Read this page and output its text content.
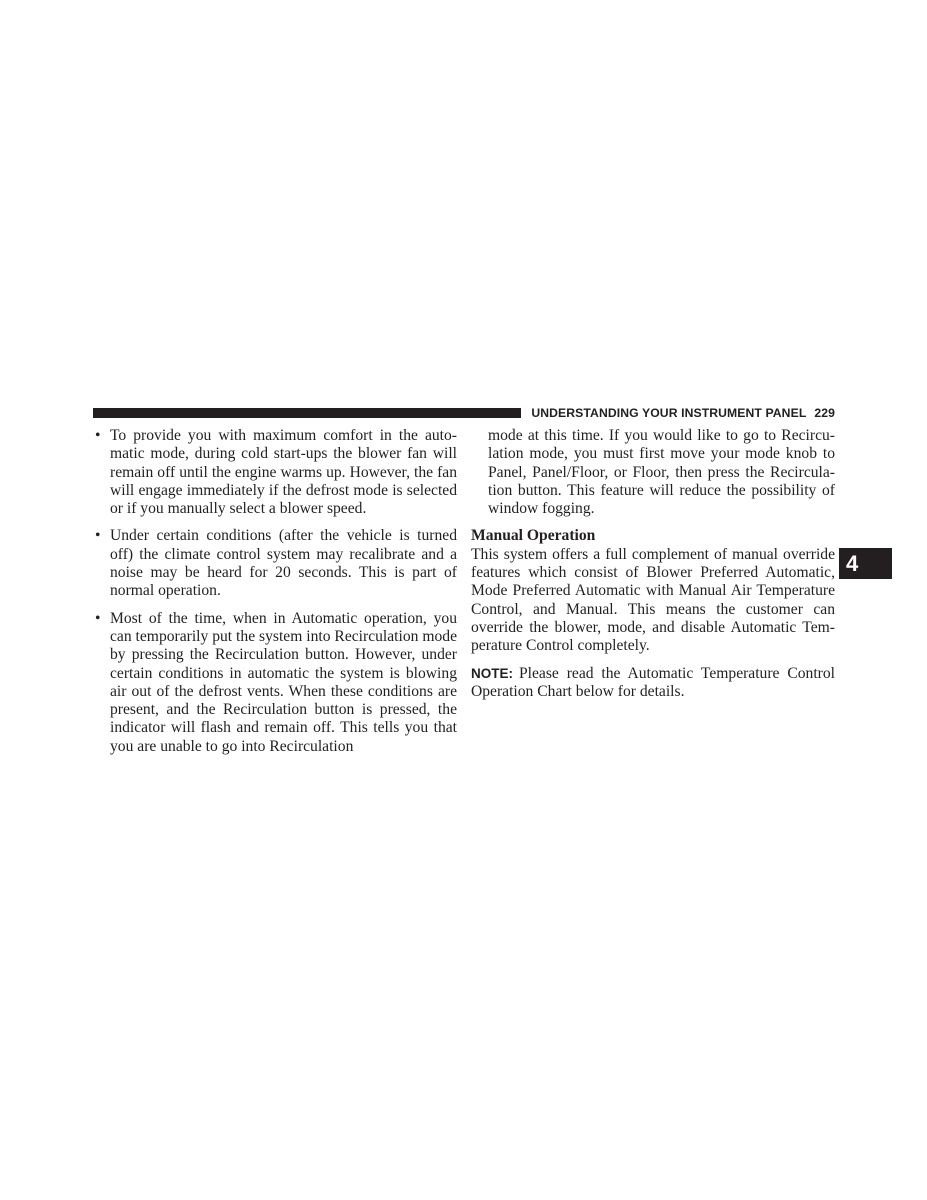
UNDERSTANDING YOUR INSTRUMENT PANEL 229
4
• To provide you with maximum comfort in the auto- matic mode, during cold start-ups the blower fan will remain off until the engine warms up. However, the fan will engage immediately if the defrost mode is selected or if you manually select a blower speed.
• Under certain conditions (after the vehicle is turned off) the climate control system may recalibrate and a noise may be heard for 20 seconds. This is part of normal operation.
• Most of the time, when in Automatic operation, you can temporarily put the system into Recirculation mode by pressing the Recirculation button. However, under certain conditions in automatic the system is blowing air out of the defrost vents. When these conditions are present, and the Recirculation button is pressed, the indicator will flash and remain off. This tells you that you are unable to go into Recirculation

mode at this time. If you would like to go to Recircu- lation mode, you must first move your mode knob to Panel, Panel/Floor, or Floor, then press the Recircula- tion button. This feature will reduce the possibility of window fogging.

Manual Operation

This system offers a full complement of manual override features which consist of Blower Preferred Automatic, Mode Preferred Automatic with Manual Air Temperature Control, and Manual. This means the customer can override the blower, mode, and disable Automatic Tem- perature Control completely.

NOTE: Please read the Automatic Temperature Control Operation Chart below for details.
